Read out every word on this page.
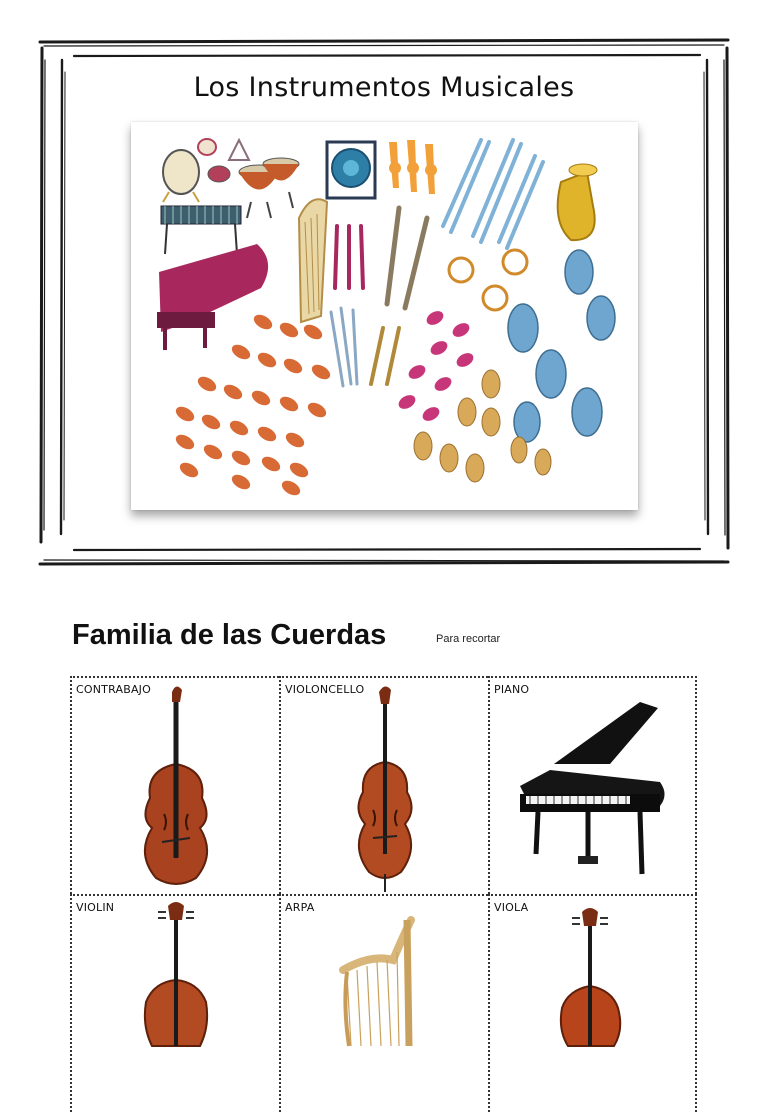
Los Instrumentos Musicales
Familia de las Cuerdas	Para recortar
CONTRABAJO	VIOLONCELLO	PIANO
VIOLIN	ARPA	VIOLA
